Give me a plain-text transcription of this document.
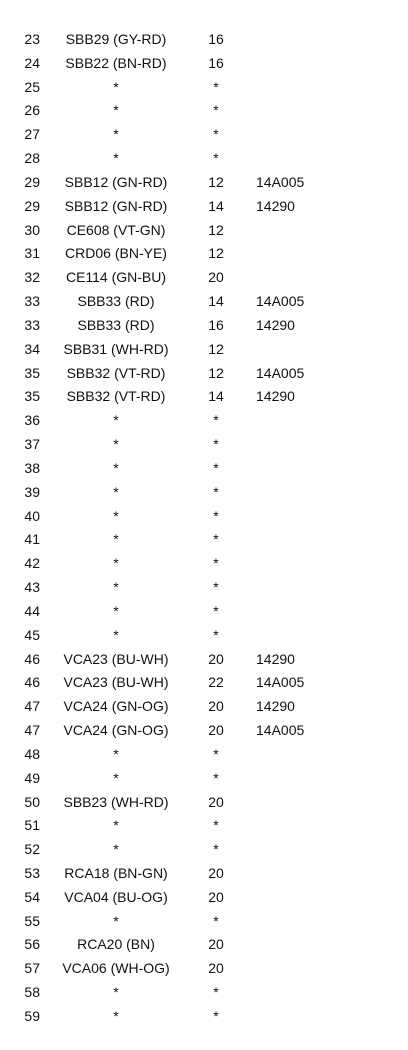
23	SBB29 (GY-RD)	16
24	SBB22 (BN-RD)	16
25	*	*
26	*	*
27	*	*
28	*	*
29	SBB12 (GN-RD)	12	14A005
29	SBB12 (GN-RD)	14	14290
30	CE608 (VT-GN)	12
31	CRD06 (BN-YE)	12
32	CE114 (GN-BU)	20
33	SBB33 (RD)	14	14A005
33	SBB33 (RD)	16	14290
34	SBB31 (WH-RD)	12
35	SBB32 (VT-RD)	12	14A005
35	SBB32 (VT-RD)	14	14290
36	*	*
37	*	*
38	*	*
39	*	*
40	*	*
41	*	*
42	*	*
43	*	*
44	*	*
45	*	*
46	VCA23 (BU-WH)	20	14290
46	VCA23 (BU-WH)	22	14A005
47	VCA24 (GN-OG)	20	14290
47	VCA24 (GN-OG)	20	14A005
48	*	*
49	*	*
50	SBB23 (WH-RD)	20
51	*	*
52	*	*
53	RCA18 (BN-GN)	20
54	VCA04 (BU-OG)	20
55	*	*
56	RCA20 (BN)	20
57	VCA06 (WH-OG)	20
58	*	*
59	*	*
